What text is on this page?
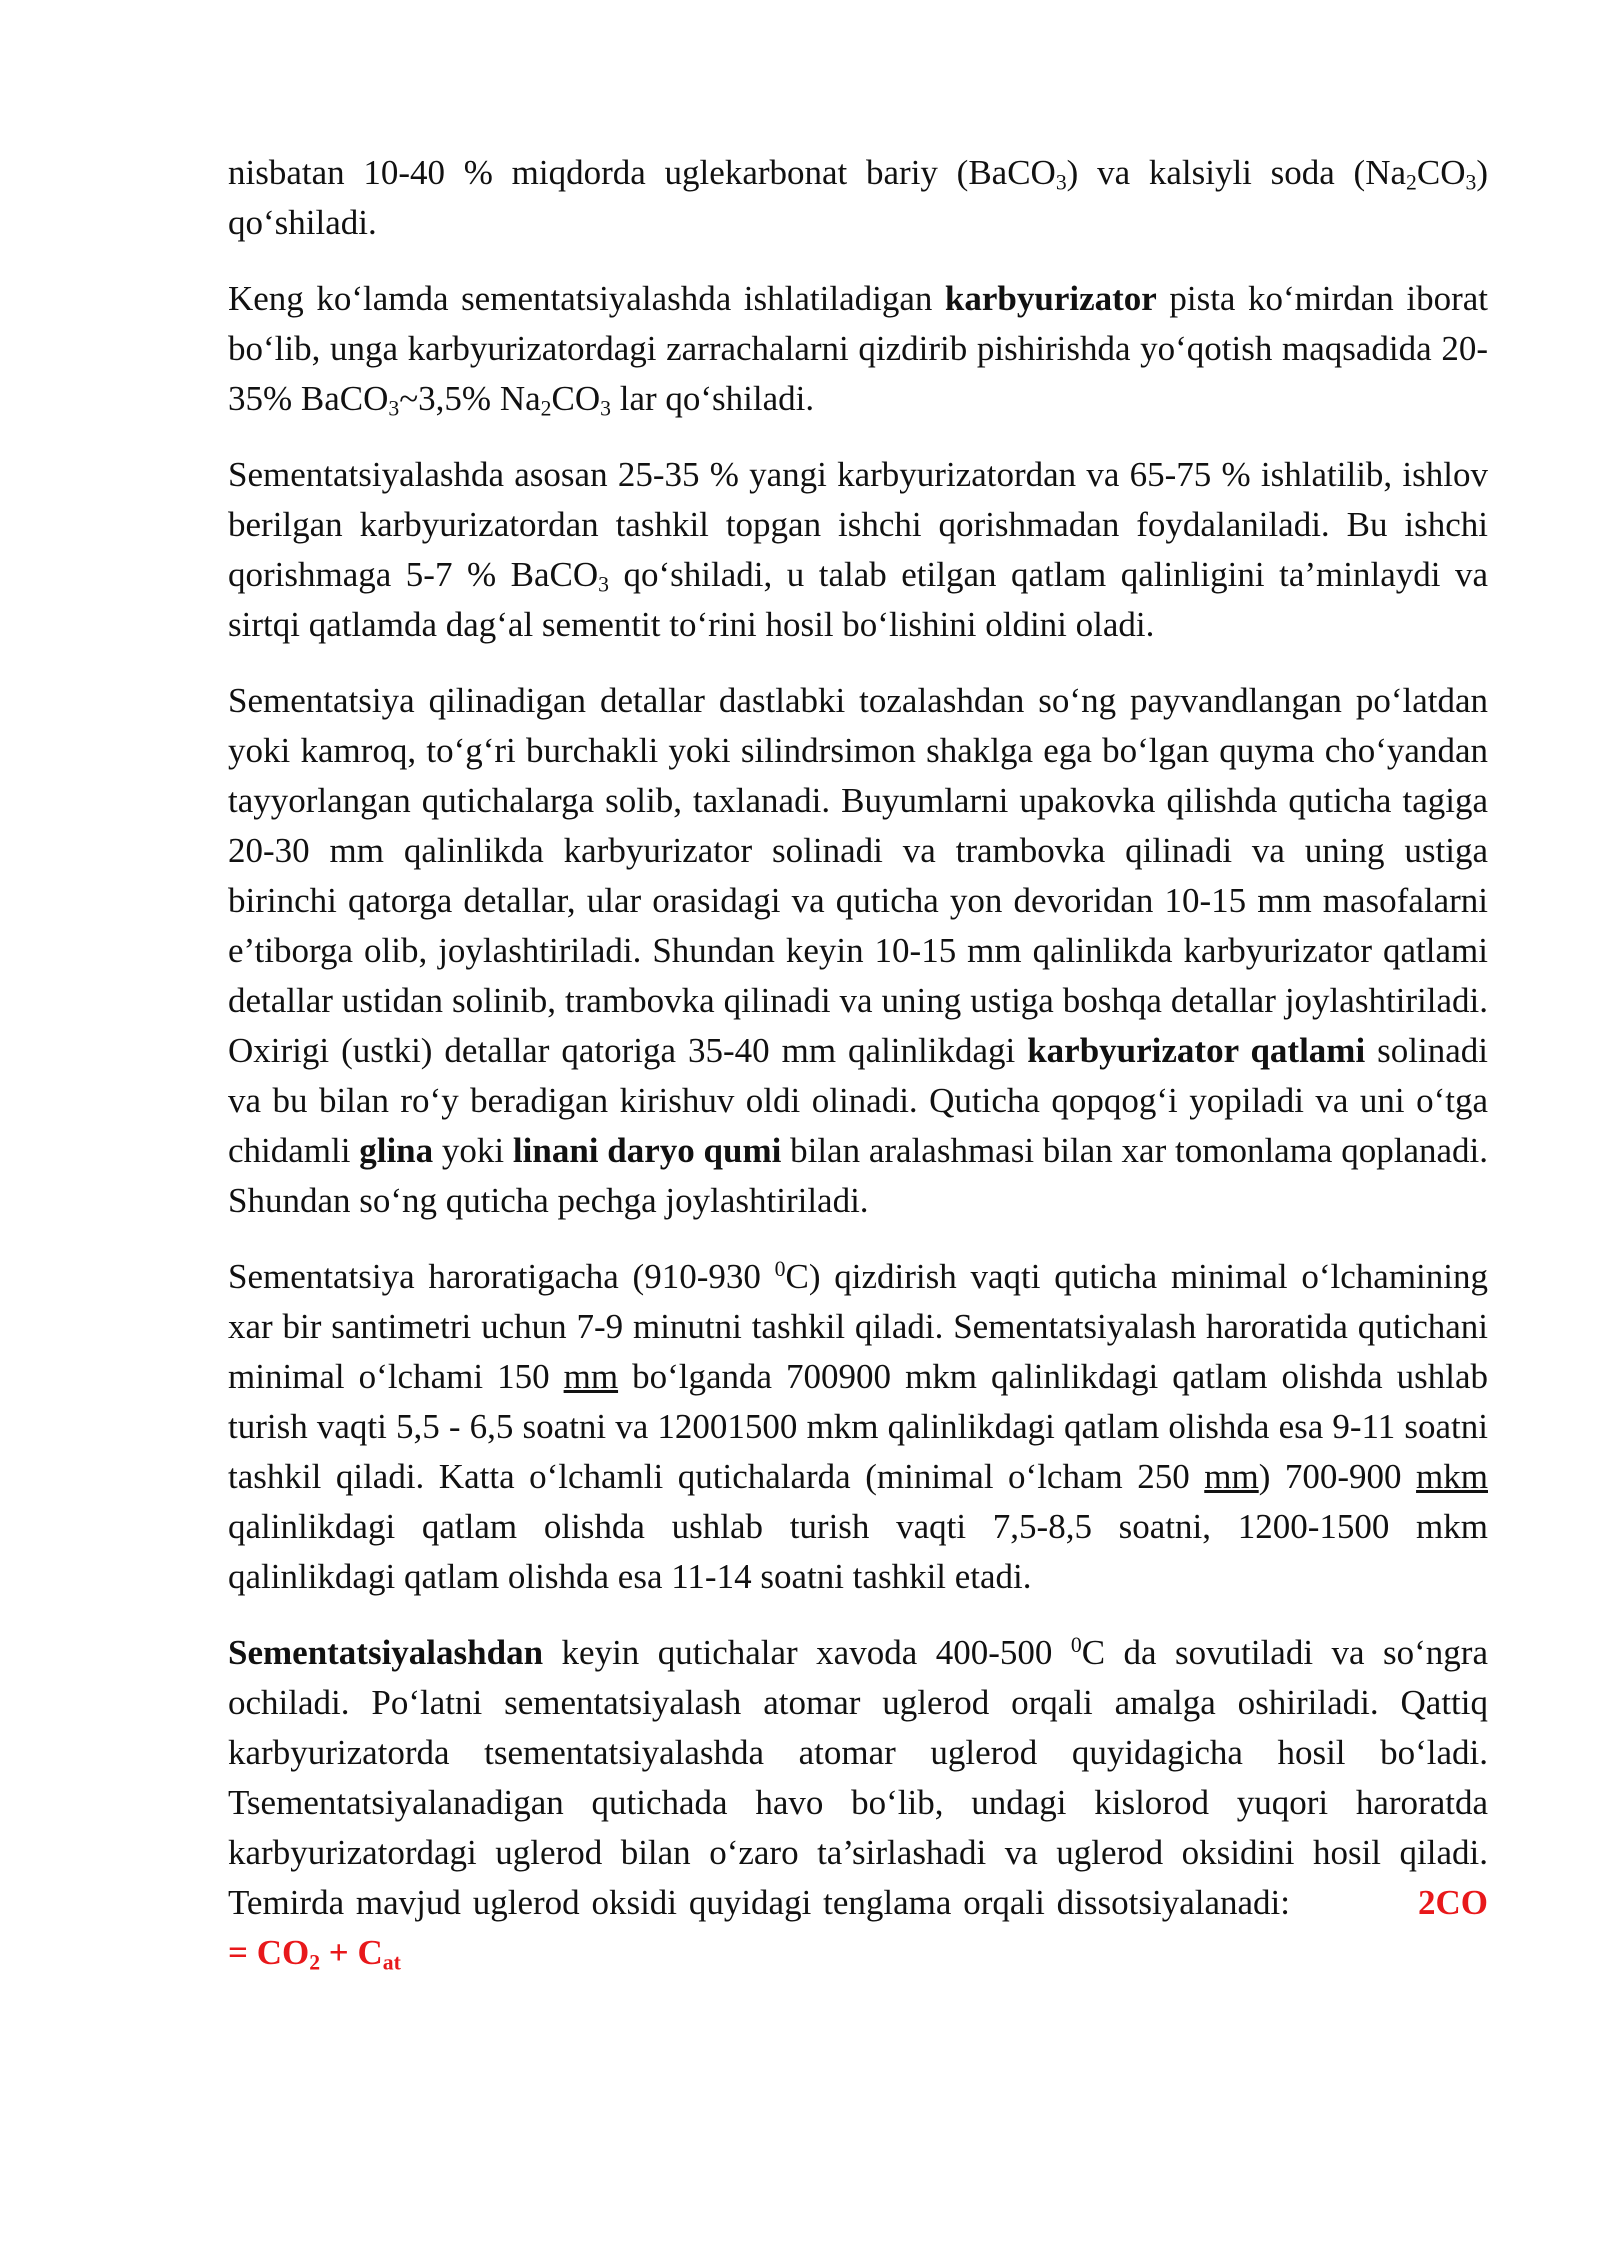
nisbatan 10-40 % miqdorda uglekarbonat bariy (BaCO$_3$) va kalsiyli soda $(Na_2CO_3)$ qo‘shiladi.

Keng ko‘lamda sementatsiyalashda ishlatiladigan karbyurizator pista ko‘mirdan iborat bo‘lib, unga karbyurizatordagi zarrachalarni qizdirib pishirishda yo‘qotish maqsadida 20-35% BaCO$_3$~3,5% $Na_2CO_3$ lar qo‘shiladi.

Sementatsiyalashda asosan 25-35 % yangi karbyurizatordan va 65-75 % ishlatilib, ishlov berilgan karbyurizatordan tashkil topgan ishchi qorishmadan foydalaniladi. Bu ishchi qorishmaga 5-7 % BaCO$_3$ qo‘shiladi, u talab etilgan qatlam qalinligini ta’minlaydi va sirtqi qatlamda dag‘al sementit to‘rini hosil bo‘lishini oldini oladi.

Sementatsiya qilinadigan detallar dastlabki tozalashdan so‘ng payvandlangan po‘latdan yoki kamroq, to‘g‘ri burchakli yoki silindrsimon shaklga ega bo‘lgan quyma cho‘yandan tayyorlangan qutichalarga solib, taxlanadi. Buyumlarni upakovka qilishda quticha tagiga 20-30 mm qalinlikda karbyurizator solinadi va trambovka qilinadi va uning ustiga birinchi qatorga detallar, ular orasidagi va quticha yon devoridan 10-15 mm masofalarni e’tiborga olib, joylashtiriladi. Shundan keyin 10-15 mm qalinlikda karbyurizator qatlami detallar ustidan solinib, trambovka qilinadi va uning ustiga boshqa detallar joylashtiriladi. Oxirigi (ustki) detallar qatoriga 35-40 mm qalinlikdagi karbyurizator qatlami solinadi va bu bilan ro‘y beradigan kirishuv oldi olinadi. Quticha qopqog‘i yopiladi va uni o‘tga chidamli glina yoki linani daryo qumi bilan aralashmasi bilan xar tomonlama qoplanadi. Shundan so‘ng quticha pechga joylashtiriladi.

Sementatsiya haroratigacha (910-930 $^0$C) qizdirish vaqti quticha minimal o‘lchamining xar bir santimetri uchun 7-9 minutni tashkil qiladi. Sementatsiyalash haroratida qutichani minimal o‘lchami 150 mm bo‘lganda 700900 mkm qalinlikdagi qatlam olishda ushlab turish vaqti 5,5 - 6,5 soatni va 12001500 mkm qalinlikdagi qatlam olishda esa 9-11 soatni tashkil qiladi. Katta o‘lchamli qutichalarda (minimal o‘lcham 250 mm) 700-900 mkm qalinlikdagi qatlam olishda ushlab turish vaqti 7,5-8,5 soatni, 1200-1500 mkm qalinlikdagi qatlam olishda esa 11-14 soatni tashkil etadi.

Sementatsiyalashdan keyin qutichalar xavoda 400-500 $^0$C da sovutiladi va so‘ngra ochiladi. Po‘latni sementatsiyalash atomar uglerod orqali amalga oshiriladi. Qattiq karbyurizatorda tsementatsiyalashda atomar uglerod quyidagicha hosil bo‘ladi. Tsementatsiyalanadigan qutichada havo bo‘lib, undagi kislorod yuqori haroratda karbyurizatordagi uglerod bilan o‘zaro ta’sirlashadi va uglerod oksidini hosil qiladi. Temirda mavjud uglerod oksidi quyidagi tenglama orqali dissotsiyalanadi:	$2CO = CO_2 + C_{at}$
